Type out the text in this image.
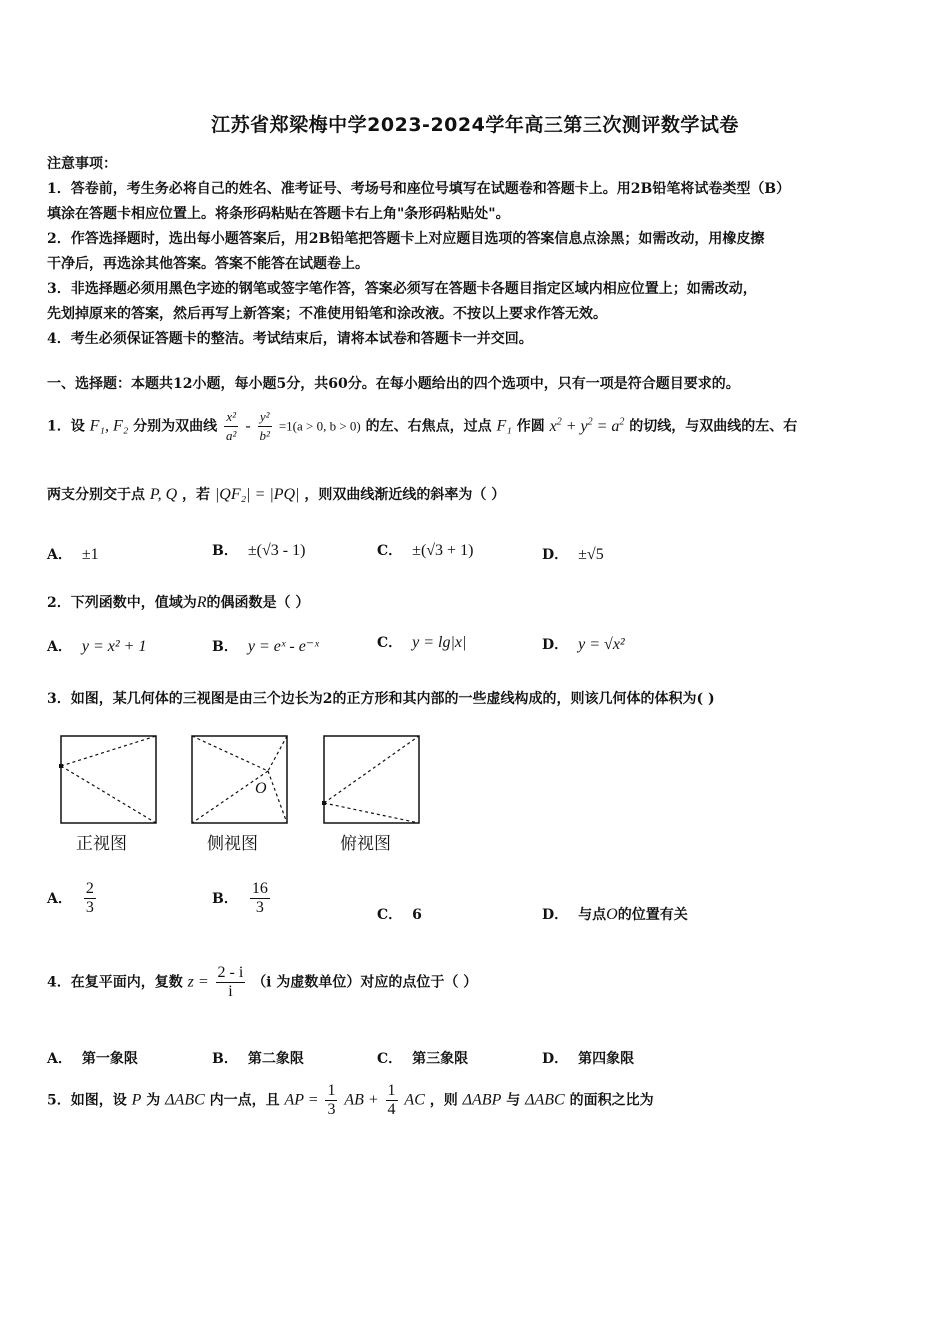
江苏省郑梁梅中学2023-2024学年高三第三次测评数学试卷

注意事项：

1．答卷前，考生务必将自己的姓名、准考证号、考场号和座位号填写在试题卷和答题卡上。用2B铅笔将试卷类型（B）

填涂在答题卡相应位置上。将条形码粘贴在答题卡右上角"条形码粘贴处"。

2．作答选择题时，选出每小题答案后，用2B铅笔把答题卡上对应题目选项的答案信息点涂黑；如需改动，用橡皮擦

干净后，再选涂其他答案。答案不能答在试题卷上。

3．非选择题必须用黑色字迹的钢笔或签字笔作答，答案必须写在答题卡各题目指定区域内相应位置上；如需改动，

先划掉原来的答案，然后再写上新答案；不准使用铅笔和涂改液。不按以上要求作答无效。

4．考生必须保证答题卡的整洁。考试结束后，请将本试卷和答题卡一并交回。

一、选择题：本题共12小题，每小题5分，共60分。在每小题给出的四个选项中，只有一项是符合题目要求的。
1．设 F₁, F₂ 分别为双曲线 $\frac{\text{x²}}{\text{a²}} - \frac{\text{y²}}{\text{b²}} =1(a > 0$, b > 0) 的左、右焦点，过点 F₁ 作圆 $x^2 + y^2 = a^2$ 的切线，与双曲线的左、右
两支分别交于点 P, Q ，若 |QF₂| = |PQ| ，则双曲线渐近线的斜率为（ ）
A． ±1	B． ±(√3 - 1)	C． ±(√3 + 1)	D． ±√5
2．下列函数中，值域为R的偶函数是（ ）
A． y = x² + 1	B． y = eˣ - e⁻ˣ	C． y = lg|x|	D． y = √x²
3．如图，某几何体的三视图是由三个边长为2的正方形和其内部的一些虚线构成的，则该几何体的体积为( )
O
正视图	侧视图	俯视图
A． $\frac{2}{3}$	B． $\frac{16}{3}$	C． 6	D． 与点O的位置有关
4．在复平面内，复数 $z = \frac{2 - i}{i} (i$ 为虚数单位）对应的点位于（ ）
A． 第一象限	B． 第二象限	C． 第三象限	D． 第四象限
5．如图，设 P 为 ΔABC 内一点，且 AP = $\frac{1}{3}$ AB + $\frac{1}{4}$ AC ，则 ΔABP 与 ΔABC 的面积之比为
